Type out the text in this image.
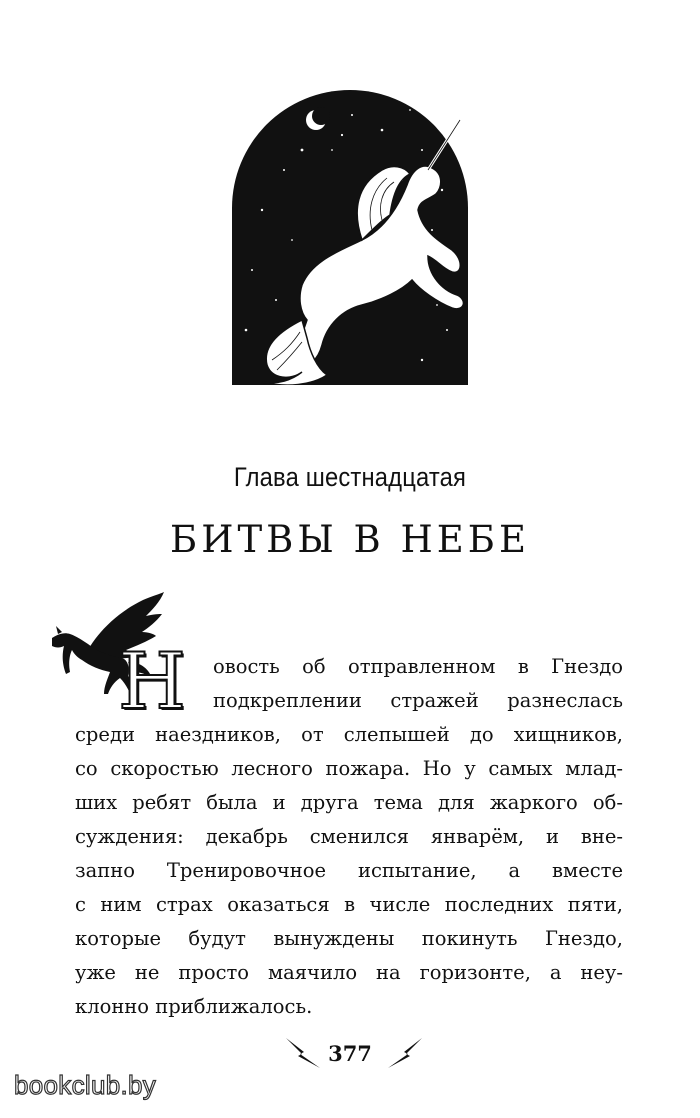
Глава шестнадцатая
БИТВЫ В НЕБЕ
Н	овость об отправленном в Гнездо
подкреплении стражей разнеслась
среди наездников, от слепышей до хищников,
со скоростью лесного пожара. Но у самых млад-
ших ребят была и друга тема для жаркого об-
суждения: декабрь сменился январём, и вне-
запно Тренировочное испытание, а вместе
с ним страх оказаться в числе последних пяти,
которые будут вынуждены покинуть Гнездо,
уже не просто маячило на горизонте, а неу-
клонно приближалось.
377
bookclub.by
